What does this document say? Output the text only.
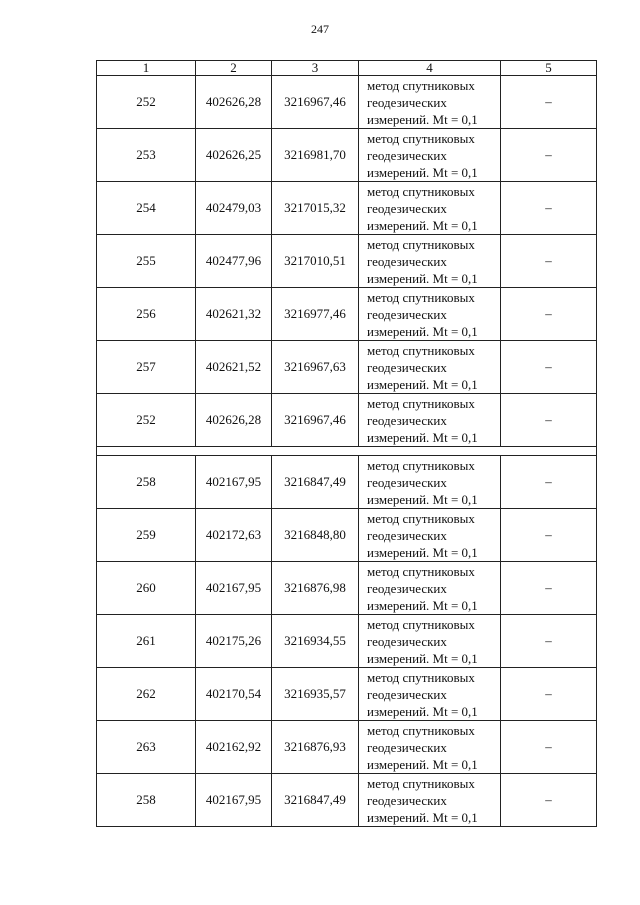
247
1	2	3	4	5
252	402626,28	3216967,46	метод спутниковых
геодезических
измерений. Mt = 0,1	–
253	402626,25	3216981,70	метод спутниковых
геодезических
измерений. Mt = 0,1	–
254	402479,03	3217015,32	метод спутниковых
геодезических
измерений. Mt = 0,1	–
255	402477,96	3217010,51	метод спутниковых
геодезических
измерений. Mt = 0,1	–
256	402621,32	3216977,46	метод спутниковых
геодезических
измерений. Mt = 0,1	–
257	402621,52	3216967,63	метод спутниковых
геодезических
измерений. Mt = 0,1	–
252	402626,28	3216967,46	метод спутниковых
геодезических
измерений. Mt = 0,1	–

258	402167,95	3216847,49	метод спутниковых
геодезических
измерений. Mt = 0,1	–
259	402172,63	3216848,80	метод спутниковых
геодезических
измерений. Mt = 0,1	–
260	402167,95	3216876,98	метод спутниковых
геодезических
измерений. Mt = 0,1	–
261	402175,26	3216934,55	метод спутниковых
геодезических
измерений. Mt = 0,1	–
262	402170,54	3216935,57	метод спутниковых
геодезических
измерений. Mt = 0,1	–
263	402162,92	3216876,93	метод спутниковых
геодезических
измерений. Mt = 0,1	–
258	402167,95	3216847,49	метод спутниковых
геодезических
измерений. Mt = 0,1	–
